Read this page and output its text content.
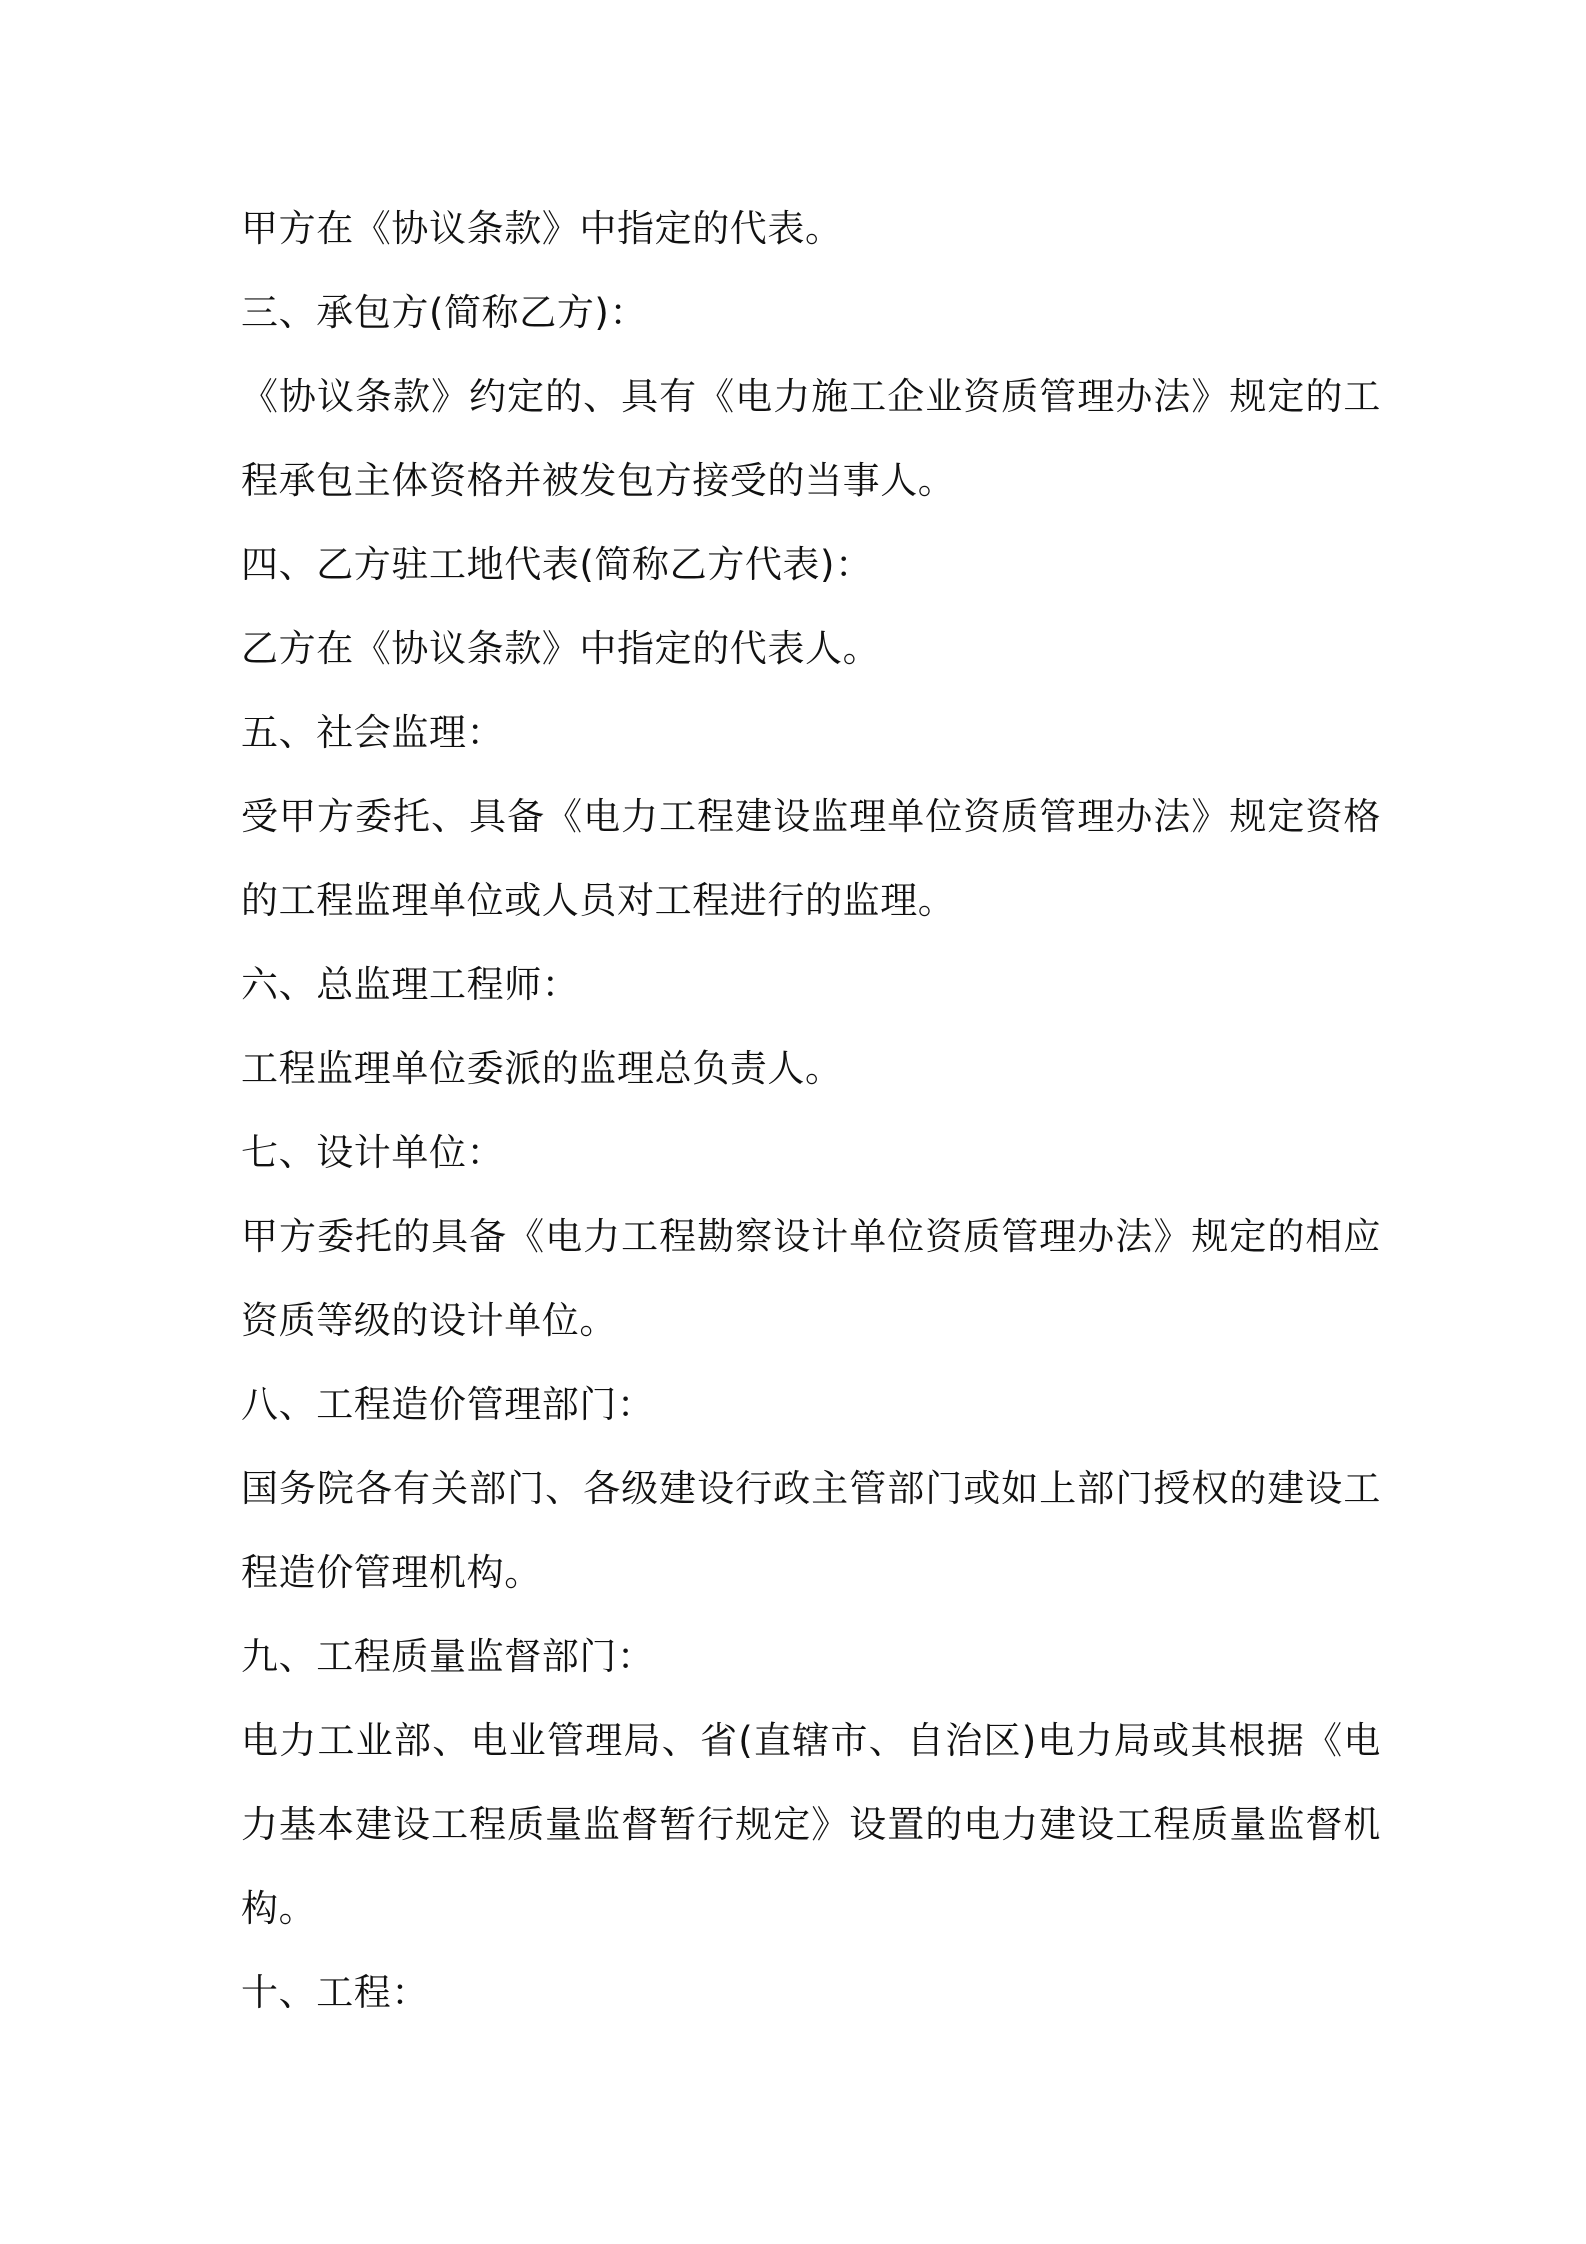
甲方在《协议条款》中指定的代表。

三、承包方(简称乙方)：

《协议条款》约定的、具有《电力施工企业资质管理办法》规定的工

程承包主体资格并被发包方接受的当事人。

四、乙方驻工地代表(简称乙方代表)：

乙方在《协议条款》中指定的代表人。

五、社会监理：

受甲方委托、具备《电力工程建设监理单位资质管理办法》规定资格

的工程监理单位或人员对工程进行的监理。

六、总监理工程师：

工程监理单位委派的监理总负责人。

七、设计单位：

甲方委托的具备《电力工程勘察设计单位资质管理办法》规定的相应

资质等级的设计单位。

八、工程造价管理部门：

国务院各有关部门、各级建设行政主管部门或如上部门授权的建设工

程造价管理机构。

九、工程质量监督部门：

电力工业部、电业管理局、省(直辖市、自治区)电力局或其根据《电

力基本建设工程质量监督暂行规定》设置的电力建设工程质量监督机

构。

十、工程：
